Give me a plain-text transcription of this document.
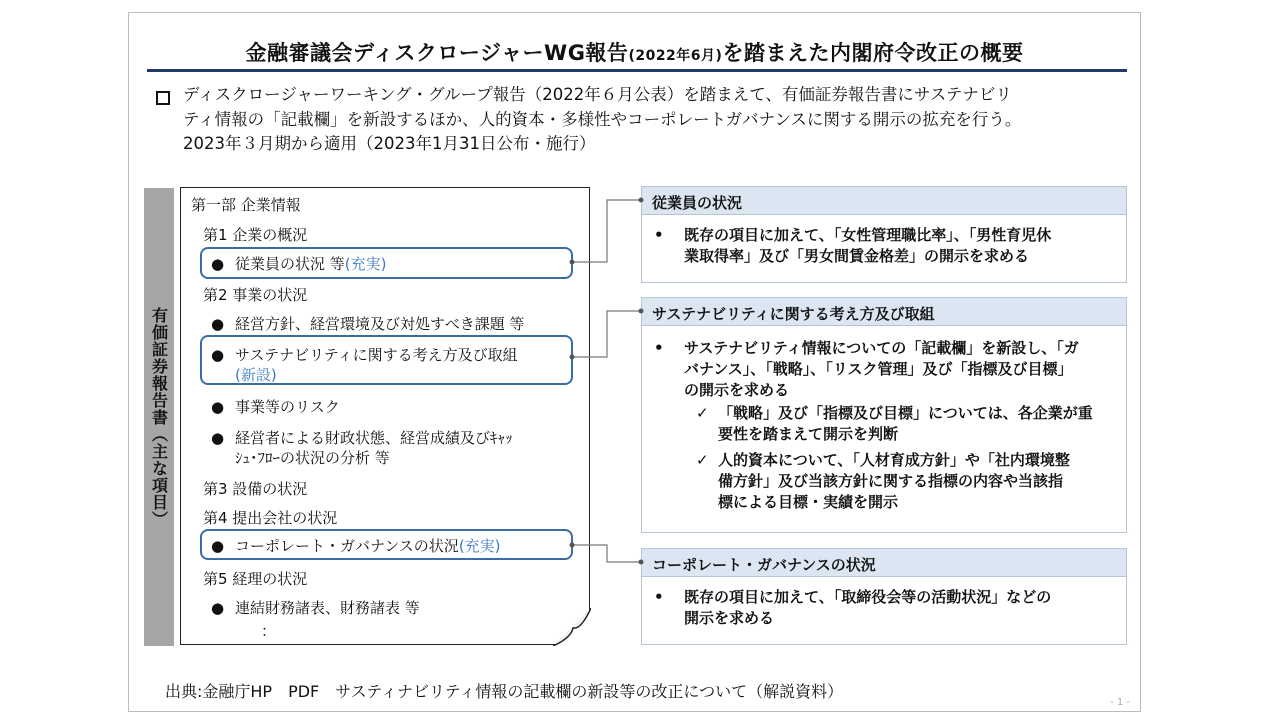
金融審議会ディスクロージャーWG報告(2022年6月)を踏まえた内閣府令改正の概要

ディスクロージャーワーキング・グループ報告（2022年６月公表）を踏まえて、有価証券報告書にサステナビリ

ティ情報の「記載欄」を新設するほか、人的資本・多様性やコーポレートガバナンスに関する開示の拡充を行う。

2023年３月期から適用（2023年1月31日公布・施行）

有価証券報告書（主な項目）
第一部 企業情報
第1 企業の概況
● 従業員の状況 等(充実)
第2 事業の状況
● 経営方針、経営環境及び対処すべき課題 等
● サステナビリティに関する考え方及び取組
(新設)
● 事業等のリスク
● 経営者による財政状態、経営成績及びｷｬｯ
ｼｭ･ﾌﾛｰの状況の分析 等
第3 設備の状況
第4 提出会社の状況
● コーポレート・ガバナンスの状況(充実)
第5 経理の状況
● 連結財務諸表、財務諸表 等
：
従業員の状況
• 既存の項目に加えて、「女性管理職比率」、「男性育児休
業取得率」及び「男女間賃金格差」の開示を求める
サステナビリティに関する考え方及び取組
• サステナビリティ情報についての「記載欄」を新設し、「ガ
バナンス」、「戦略」、「リスク管理」及び「指標及び目標」
の開示を求める
✓ 「戦略」及び「指標及び目標」については、各企業が重
要性を踏まえて開示を判断
✓ 人的資本について、「人材育成方針」や「社内環境整
備方針」及び当該方針に関する指標の内容や当該指
標による目標・実績を開示
コーポレート・ガバナンスの状況
• 既存の項目に加えて、「取締役会等の活動状況」などの
開示を求める
出典:金融庁HP　PDF　サスティナビリティ情報の記載欄の新設等の改正について（解説資料）
- 1 -
